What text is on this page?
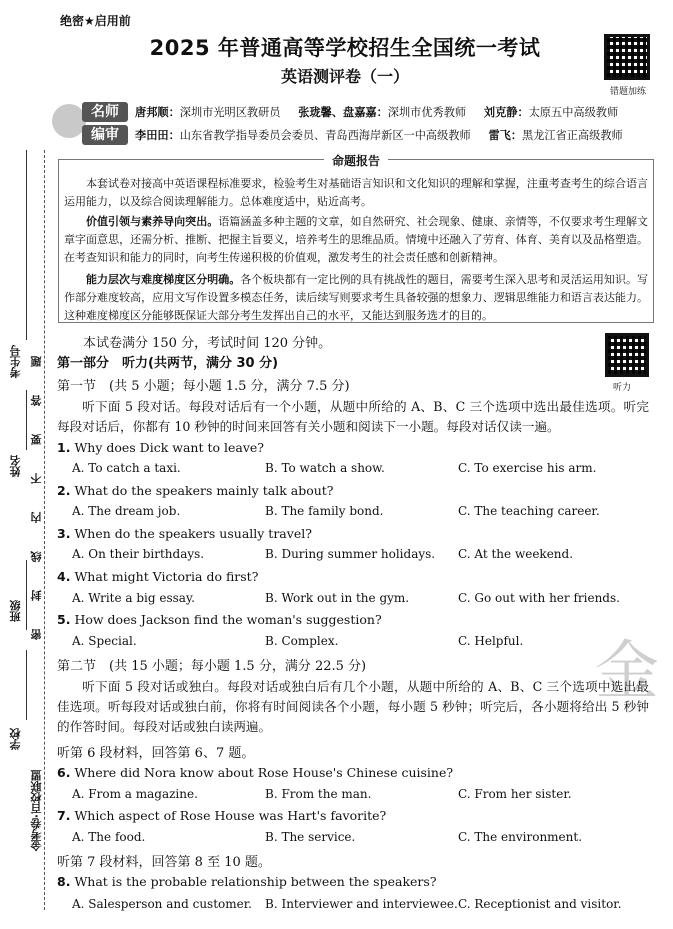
绝密★启用前
2025 年普通高等学校招生全国统一考试
英语测评卷（一）
错题加练
名师
编审
唐邦顺：深圳市光明区教研员 张珑馨、盘嘉嘉：深圳市优秀教师 刘克静：太原五中高级教师
李田田：山东省教学指导委员会委员、青岛西海岸新区一中高级教师 雷飞：黑龙江省正高级教师
命题报告
本套试卷对接高中英语课程标准要求，检验考生对基础语言知识和文化知识的理解和掌握，注重考查考生的综合语言运用能力，以及综合阅读理解能力。总体难度适中，贴近高考。
价值引领与素养导向突出。语篇涵盖多种主题的文章，如自然研究、社会现象、健康、亲情等，不仅要求考生理解文章字面意思，还需分析、推断、把握主旨要义，培养考生的思维品质。情境中还融入了劳育、体育、美育以及品格塑造。在考查知识和能力的同时，向考生传递积极的价值观，激发考生的社会责任感和创新精神。
能力层次与难度梯度区分明确。各个板块都有一定比例的具有挑战性的题目，需要考生深入思考和灵活运用知识。写作部分难度较高，应用文写作设置多模态任务，读后续写则要求考生具备较强的想象力、逻辑思维能力和语言表达能力。这种难度梯度区分能够既保证大部分考生发挥出自己的水平，又能达到服务选才的目的。
本试卷满分 150 分，考试时间 120 分钟。
第一部分　听力(共两节，满分 30 分)
听力
第一节　(共 5 小题；每小题 1.5 分，满分 7.5 分)
听下面 5 段对话。每段对话后有一个小题，从题中所给的 A、B、C 三个选项中选出最佳选项。听完每段对话后，你都有 10 秒钟的时间来回答有关小题和阅读下一小题。每段对话仅读一遍。
1. Why does Dick want to leave?
A. To catch a taxi.	B. To watch a show.	C. To exercise his arm.
2. What do the speakers mainly talk about?
A. The dream job.	B. The family bond.	C. The teaching career.
3. When do the speakers usually travel?
A. On their birthdays.	B. During summer holidays. C. At the weekend.
4. What might Victoria do first?
A. Write a big essay.	B. Work out in the gym.	C. Go out with her friends.
5. How does Jackson find the woman's suggestion?
A. Special.	B. Complex.	C. Helpful. 金
第二节　(共 15 小题；每小题 1.5 分，满分 22.5 分)
听下面 5 段对话或独白。每段对话或独白后有几个小题，从题中所给的 A、B、C 三个选项中选出最佳选项。听每段对话或独白前，你将有时间阅读各个小题，每小题 5 秒钟；听完后，各小题将给出 5 秒钟的作答时间。每段对话或独白读两遍。
听第 6 段材料，回答第 6、7 题。
6. Where did Nora know about Rose House's Chinese cuisine?
A. From a magazine.	B. From the man.	C. From her sister.
7. Which aspect of Rose House was Hart's favorite?
A. The food.	B. The service.	C. The environment.
听第 7 段材料，回答第 8 至 10 题。
8. What is the probable relationship between the speakers?
A. Salesperson and customer. B. Interviewer and interviewee. C. Receptionist and visitor.
考生号
姓名
班级
学校
密封线内不要答题
金考卷·百校联盟
